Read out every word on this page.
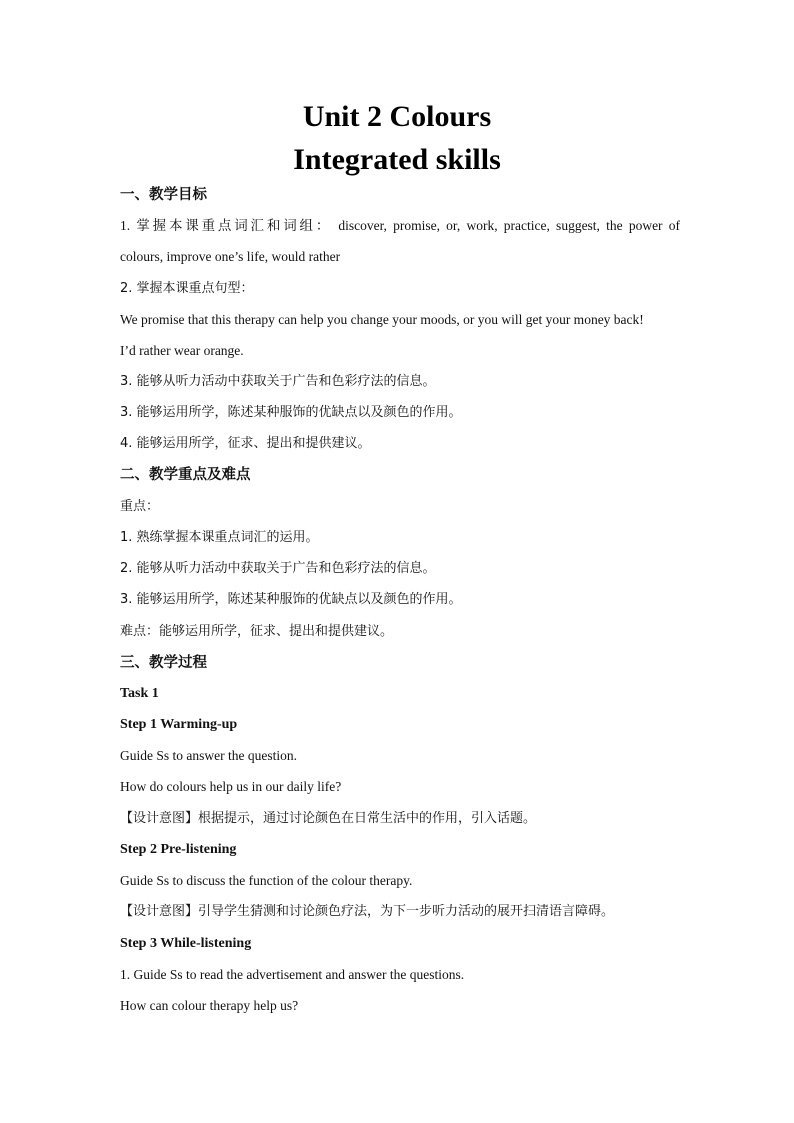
Unit 2 Colours
Integrated skills
一、教学目标
1. 掌握本课重点词汇和词组： discover, promise, or, work, practice, suggest, the power of
colours, improve one’s life, would rather
2. 掌握本课重点句型：
We promise that this therapy can help you change your moods, or you will get your money back!
I’d rather wear orange.
3. 能够从听力活动中获取关于广告和色彩疗法的信息。
3. 能够运用所学，陈述某种服饰的优缺点以及颜色的作用。
4. 能够运用所学，征求、提出和提供建议。
二、教学重点及难点
重点：
1. 熟练掌握本课重点词汇的运用。
2. 能够从听力活动中获取关于广告和色彩疗法的信息。
3. 能够运用所学，陈述某种服饰的优缺点以及颜色的作用。
难点：能够运用所学，征求、提出和提供建议。
三、教学过程
Task 1
Step 1 Warming-up
Guide Ss to answer the question.
How do colours help us in our daily life?
【设计意图】根据提示，通过讨论颜色在日常生活中的作用，引入话题。
Step 2 Pre-listening
Guide Ss to discuss the function of the colour therapy.
【设计意图】引导学生猜测和讨论颜色疗法，为下一步听力活动的展开扫清语言障碍。
Step 3 While-listening
1. Guide Ss to read the advertisement and answer the questions.
How can colour therapy help us?
